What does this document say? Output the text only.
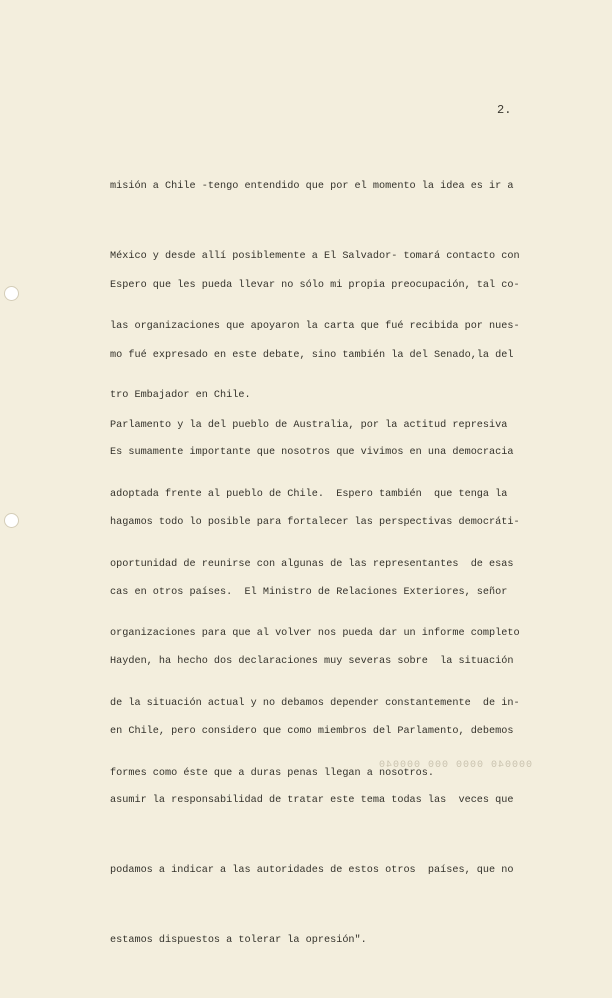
2.

misión a Chile -tengo entendido que por el momento la idea es ir a

México y desde allí posiblemente a El Salvador- tomará contacto con

las organizaciones que apoyaron la carta que fué recibida por nues-

tro Embajador en Chile.

Espero que les pueda llevar no sólo mi propia preocupación, tal co-

mo fué expresado en este debate, sino también la del Senado,la del

Parlamento y la del pueblo de Australia, por la actitud represiva

adoptada frente al pueblo de Chile.  Espero también  que tenga la

oportunidad de reunirse con algunas de las representantes  de esas

organizaciones para que al volver nos pueda dar un informe completo

de la situación actual y no debamos depender constantemente  de in-

formes como éste que a duras penas llegan a nosotros.

Es sumamente importante que nosotros que vivimos en una democracia

hagamos todo lo posible para fortalecer las perspectivas democráti-

cas en otros países.  El Ministro de Relaciones Exteriores, señor

Hayden, ha hecho dos declaraciones muy severas sobre  la situación

en Chile, pero considero que como miembros del Parlamento, debemos

asumir la responsabilidad de tratar este tema todas las  veces que

podamos a indicar a las autoridades de estos otros  países, que no

estamos dispuestos a tolerar la opresión".

000040 0000 000 000040
